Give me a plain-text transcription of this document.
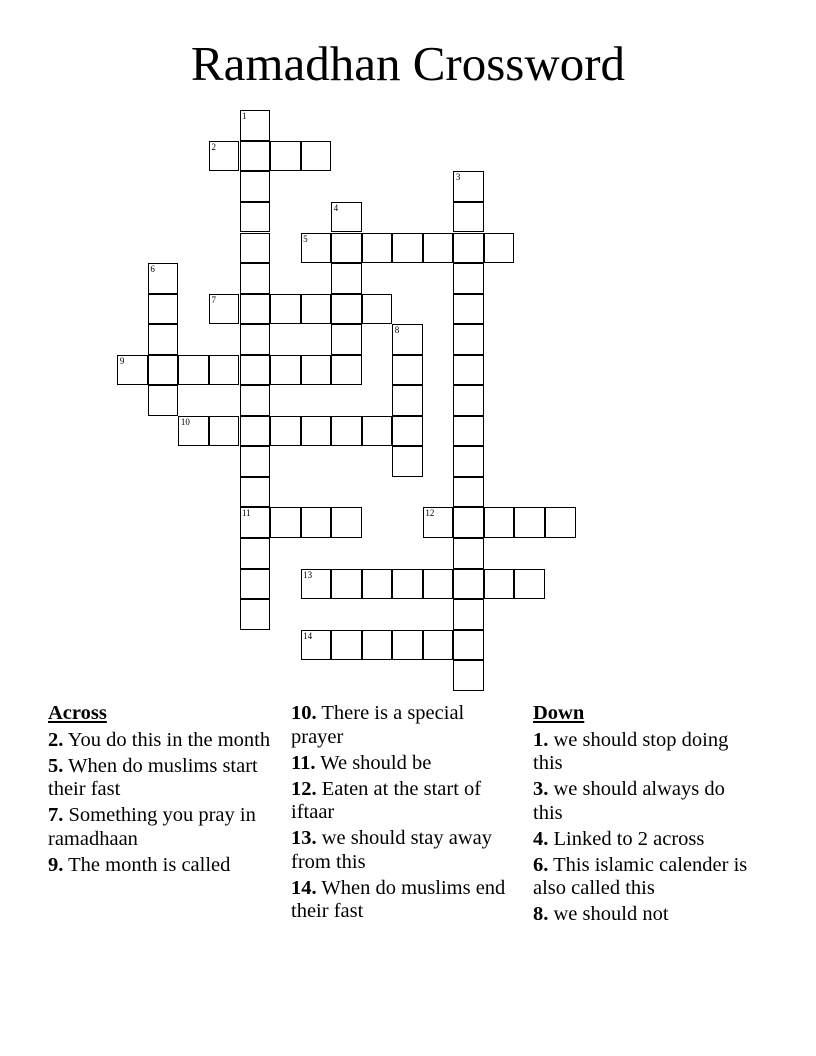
Ramadhan Crossword
1
11
2
3
4
5
6
7
8
9
10
12
13
14
Across
2. You do this in the month
5. When do muslims start their fast
7. Something you pray in ramadhaan
9. The month is called
10. There is a special prayer
11. We should be
12. Eaten at the start of iftaar
13. we should stay away from this
14. When do muslims end their fast
Down
1. we should stop doing this
3. we should always do this
4. Linked to 2 across
6. This islamic calender is also called this
8. we should not
